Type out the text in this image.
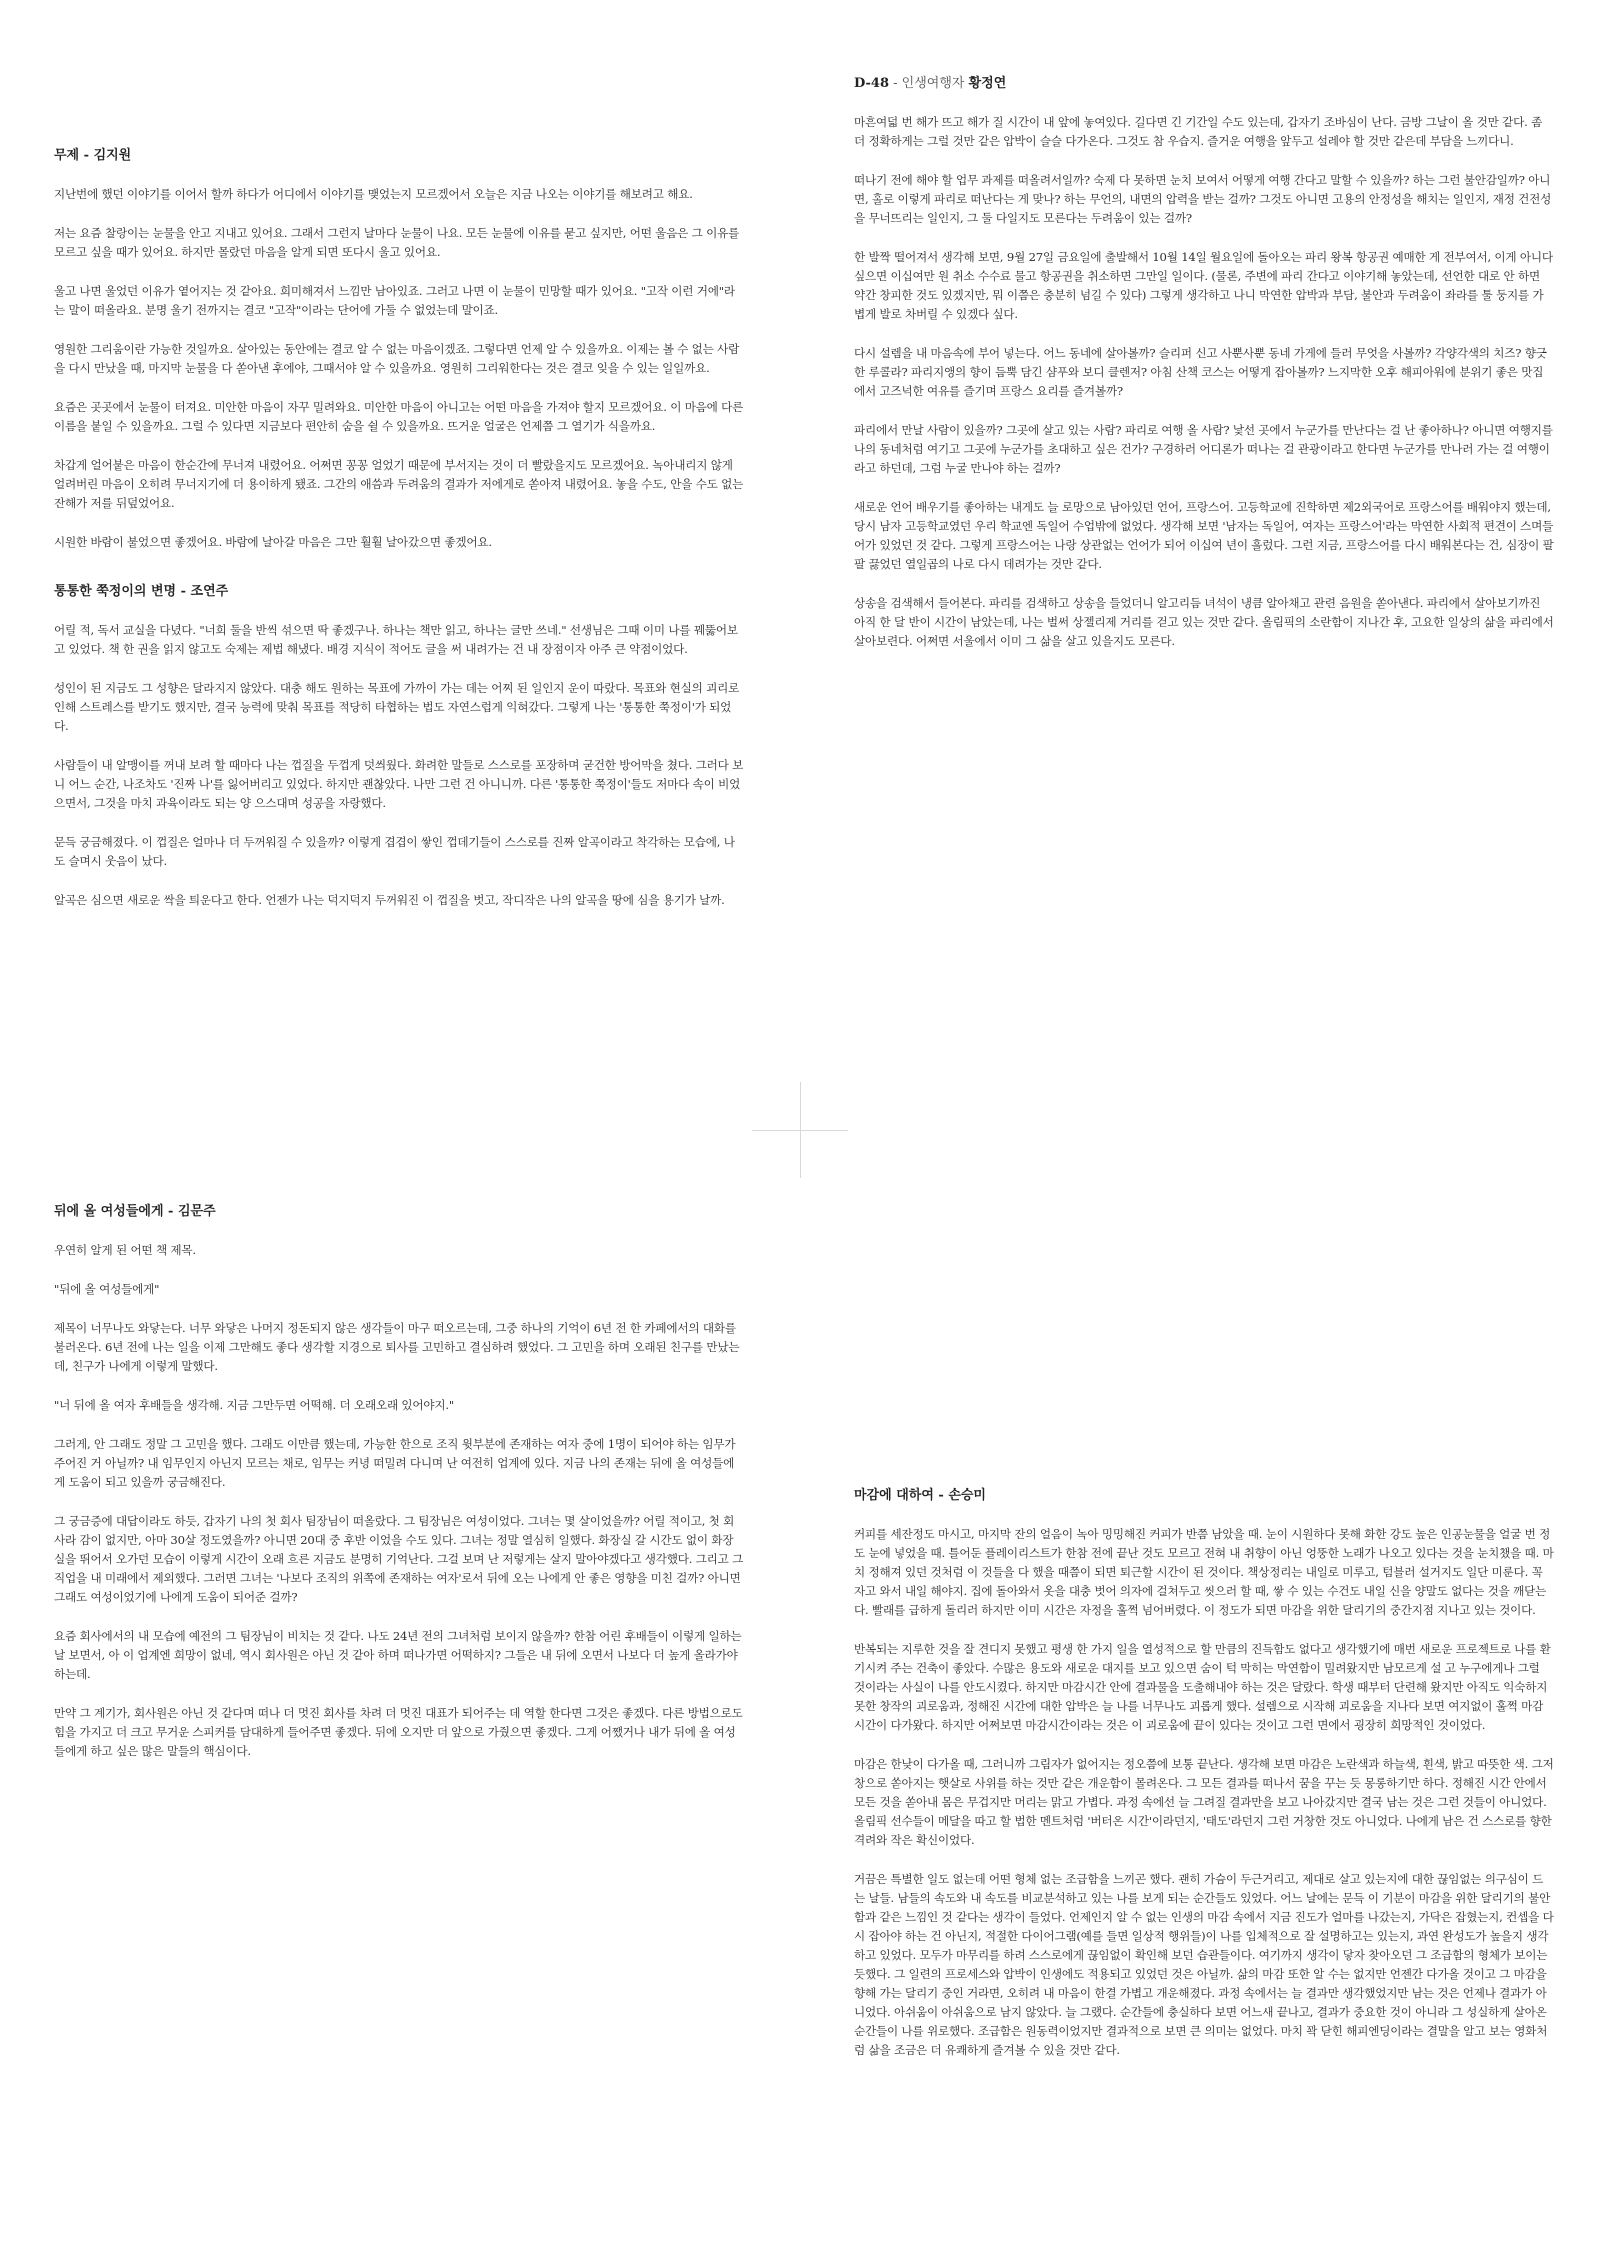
무제 - 김지원

지난번에 했던 이야기를 이어서 할까 하다가 어디에서 이야기를 맺었는지 모르겠어서 오늘은 지금 나오는 이야기를 해보려고 해요.

저는 요즘 찰랑이는 눈물을 안고 지내고 있어요. 그래서 그런지 날마다 눈물이 나요. 모든 눈물에 이유를 묻고 싶지만, 어떤 울음은 그 이유를 모르고 싶을 때가 있어요. 하지만 몰랐던 마음을 알게 되면 또다시 울고 있어요.

울고 나면 울었던 이유가 옅어지는 것 같아요. 희미해져서 느낌만 남아있죠. 그러고 나면 이 눈물이 민망할 때가 있어요. "고작 이런 거에"라는 말이 떠올라요. 분명 울기 전까지는 결코 "고작"이라는 단어에 가둘 수 없었는데 말이죠.

영원한 그리움이란 가능한 것일까요. 살아있는 동안에는 결코 알 수 없는 마음이겠죠. 그렇다면 언제 알 수 있을까요. 이제는 볼 수 없는 사람을 다시 만났을 때, 마지막 눈물을 다 쏟아낸 후에야, 그때서야 알 수 있을까요. 영원히 그리워한다는 것은 결코 잊을 수 있는 일일까요.

요즘은 곳곳에서 눈물이 터져요. 미안한 마음이 자꾸 밀려와요. 미안한 마음이 아니고는 어떤 마음을 가져야 할지 모르겠어요. 이 마음에 다른 이름을 붙일 수 있을까요. 그럴 수 있다면 지금보다 편안히 숨을 쉴 수 있을까요. 뜨거운 얼굴은 언제쯤 그 열기가 식을까요.

차갑게 얼어붙은 마음이 한순간에 무너져 내렸어요. 어쩌면 꽁꽁 얼었기 때문에 부서지는 것이 더 빨랐을지도 모르겠어요. 녹아내리지 않게 얼려버린 마음이 오히려 무너지기에 더 용이하게 됐죠. 그간의 애씀과 두려움의 결과가 저에게로 쏟아져 내렸어요. 놓을 수도, 안을 수도 없는 잔해가 저를 뒤덮었어요.

시원한 바람이 불었으면 좋겠어요. 바람에 날아갈 마음은 그만 훨훨 날아갔으면 좋겠어요.

통통한 쭉정이의 변명 - 조연주

어릴 적, 독서 교실을 다녔다. "너희 둘을 반씩 섞으면 딱 좋겠구나. 하나는 책만 읽고, 하나는 글만 쓰네." 선생님은 그때 이미 나를 꿰뚫어보고 있었다. 책 한 권을 읽지 않고도 숙제는 제법 해냈다. 배경 지식이 적어도 글을 써 내려가는 건 내 장점이자 아주 큰 약점이었다.

성인이 된 지금도 그 성향은 달라지지 않았다. 대충 해도 원하는 목표에 가까이 가는 데는 어찌 된 일인지 운이 따랐다. 목표와 현실의 괴리로 인해 스트레스를 받기도 했지만, 결국 능력에 맞춰 목표를 적당히 타협하는 법도 자연스럽게 익혀갔다. 그렇게 나는 '통통한 쭉정이'가 되었다.

사람들이 내 알맹이를 꺼내 보려 할 때마다 나는 껍질을 두껍게 덧씌웠다. 화려한 말들로 스스로를 포장하며 굳건한 방어막을 쳤다. 그러다 보니 어느 순간, 나조차도 '진짜 나'를 잃어버리고 있었다. 하지만 괜찮았다. 나만 그런 건 아니니까. 다른 '통통한 쭉정이'들도 저마다 속이 비었으면서, 그것을 마치 과육이라도 되는 양 으스대며 성공을 자랑했다.

문득 궁금해졌다. 이 껍질은 얼마나 더 두꺼워질 수 있을까? 이렇게 겹겹이 쌓인 껍데기들이 스스로를 진짜 알곡이라고 착각하는 모습에, 나도 슬며시 웃음이 났다.

알곡은 심으면 새로운 싹을 틔운다고 한다. 언젠가 나는 덕지덕지 두꺼워진 이 껍질을 벗고, 작디작은 나의 알곡을 땅에 심을 용기가 날까.

D-48 - 인생여행자 황정연

마흔여덟 번 해가 뜨고 해가 질 시간이 내 앞에 놓여있다. 길다면 긴 기간일 수도 있는데, 갑자기 조바심이 난다. 금방 그날이 올 것만 같다. 좀 더 정확하게는 그럴 것만 같은 압박이 슬슬 다가온다. 그것도 참 우습지. 즐거운 여행을 앞두고 설레야 할 것만 같은데 부담을 느끼다니.

떠나기 전에 해야 할 업무 과제를 떠올려서일까? 숙제 다 못하면 눈치 보여서 어떻게 여행 간다고 말할 수 있을까? 하는 그런 불안감일까? 아니면, 홀로 이렇게 파리로 떠난다는 게 맞나? 하는 무언의, 내면의 압력을 받는 걸까? 그것도 아니면 고용의 안정성을 해치는 일인지, 재정 건전성을 무너뜨리는 일인지, 그 둘 다일지도 모른다는 두려움이 있는 걸까?

한 발짝 떨어져서 생각해 보면, 9월 27일 금요일에 출발해서 10월 14일 월요일에 돌아오는 파리 왕복 항공권 예매한 게 전부여서, 이게 아니다 싶으면 이십여만 원 취소 수수료 물고 항공권을 취소하면 그만일 일이다. (물론, 주변에 파리 간다고 이야기해 놓았는데, 선언한 대로 안 하면 약간 창피한 것도 있겠지만, 뭐 이쯤은 충분히 넘길 수 있다) 그렇게 생각하고 나니 막연한 압박과 부담, 불안과 두려움이 좌라를 툴 둥지를 가볍게 발로 차버릴 수 있겠다 싶다.

다시 설렘을 내 마음속에 부어 넣는다. 어느 동네에 살아볼까? 슬리퍼 신고 사뿐사뿐 동네 가게에 들러 무엇을 사볼까? 각양각색의 치즈? 향긋한 루콜라? 파리지앵의 향이 듬뿍 담긴 샴푸와 보디 클렌저? 아침 산책 코스는 어떻게 잡아볼까? 느지막한 오후 해피아워에 분위기 좋은 맛집에서 고즈넉한 여유를 즐기며 프랑스 요리를 즐겨볼까?

파리에서 만날 사람이 있을까? 그곳에 살고 있는 사람? 파리로 여행 올 사람? 낯선 곳에서 누군가를 만난다는 걸 난 좋아하나? 아니면 여행지를 나의 동네처럼 여기고 그곳에 누군가를 초대하고 싶은 건가? 구경하러 어디론가 떠나는 걸 관광이라고 한다면 누군가를 만나러 가는 걸 여행이라고 하던데, 그럼 누굴 만나야 하는 걸까?

새로운 언어 배우기를 좋아하는 내게도 늘 로망으로 남아있던 언어, 프랑스어. 고등학교에 진학하면 제2외국어로 프랑스어를 배워야지 했는데, 당시 남자 고등학교였던 우리 학교엔 독일어 수업밖에 없었다. 생각해 보면 '남자는 독일어, 여자는 프랑스어'라는 막연한 사회적 편견이 스며들어가 있었던 것 같다. 그렇게 프랑스어는 나랑 상관없는 언어가 되어 이십여 년이 흘렀다. 그런 지금, 프랑스어를 다시 배워본다는 건, 심장이 팔팔 끓었던 열일곱의 나로 다시 데려가는 것만 같다.

상송을 검색해서 들어본다. 파리를 검색하고 상송을 들었더니 알고리듬 녀석이 냉큼 알아채고 관련 음원을 쏟아낸다. 파리에서 살아보기까진 아직 한 달 반이 시간이 남았는데, 나는 벌써 상젤리제 거리를 걷고 있는 것만 같다. 올림픽의 소란함이 지나간 후, 고요한 일상의 삶을 파리에서 살아보련다. 어쩌면 서울에서 이미 그 삶을 살고 있을지도 모른다.

뒤에 올 여성들에게 - 김문주

우연히 알게 된 어떤 책 제목.

"뒤에 올 여성들에게"

제목이 너무나도 와닿는다. 너무 와닿은 나머지 정돈되지 않은 생각들이 마구 떠오르는데, 그중 하나의 기억이 6년 전 한 카페에서의 대화를 불러온다. 6년 전에 나는 일을 이제 그만해도 좋다 생각할 지경으로 퇴사를 고민하고 결심하려 했었다. 그 고민을 하며 오래된 친구를 만났는데, 친구가 나에게 이렇게 말했다.

"너 뒤에 올 여자 후배들을 생각해. 지금 그만두면 어떡해. 더 오래오래 있어야지."

그러게, 안 그래도 정말 그 고민을 했다. 그래도 이만큼 했는데, 가능한 한으로 조직 윗부분에 존재하는 여자 중에 1명이 되어야 하는 임무가 주어진 거 아닐까? 내 임무인지 아닌지 모르는 채로, 임무는 커녕 떠밀려 다니며 난 여전히 업계에 있다. 지금 나의 존재는 뒤에 올 여성들에게 도움이 되고 있을까 궁금해진다.

그 궁금증에 대답이라도 하듯, 갑자기 나의 첫 회사 팀장님이 떠올랐다. 그 팀장님은 여성이었다. 그녀는 몇 살이었을까? 어릴 적이고, 첫 회사라 감이 없지만, 아마 30살 정도였을까? 아니면 20대 중 후반 이었을 수도 있다. 그녀는 정말 열심히 일했다. 화장실 갈 시간도 없이 화장실을 뛰어서 오가던 모습이 이렇게 시간이 오래 흐른 지금도 분명히 기억난다. 그걸 보며 난 저렇게는 살지 말아야겠다고 생각했다. 그리고 그 직업을 내 미래에서 제외했다. 그러면 그녀는 '나보다 조직의 위쪽에 존재하는 여자'로서 뒤에 오는 나에게 안 좋은 영향을 미친 걸까? 아니면 그래도 여성이었기에 나에게 도움이 되어준 걸까?

요즘 회사에서의 내 모습에 예전의 그 팀장님이 비치는 것 같다. 나도 24년 전의 그녀처럼 보이지 않을까? 한참 어린 후배들이 이렇게 일하는 날 보면서, 아 이 업계엔 희망이 없네, 역시 회사원은 아닌 것 같아 하며 떠나가면 어떡하지? 그들은 내 뒤에 오면서 나보다 더 높게 올라가야 하는데.

만약 그 계기가, 회사원은 아닌 것 같다며 떠나 더 멋진 회사를 차려 더 멋진 대표가 되어주는 데 역할 한다면 그것은 좋겠다. 다른 방법으로도 힘을 가지고 더 크고 무거운 스피커를 담대하게 들어주면 좋겠다. 뒤에 오지만 더 앞으로 가줬으면 좋겠다. 그게 어쨌거나 내가 뒤에 올 여성들에게 하고 싶은 많은 말들의 핵심이다.

마감에 대하여 - 손승미

커피를 세잔정도 마시고, 마지막 잔의 얼음이 녹아 밍밍해진 커피가 반쯤 남았을 때. 눈이 시원하다 못해 화한 강도 높은 인공눈물을 얼굴 번 정도 눈에 넣었을 때. 틀어둔 플레이리스트가 한참 전에 끝난 것도 모르고 전혀 내 취향이 아닌 엉뚱한 노래가 나오고 있다는 것을 눈치챘을 때. 마치 정해져 있던 것처럼 이 것들을 다 했을 때쯤이 되면 퇴근할 시간이 된 것이다. 책상정리는 내일로 미루고, 텀블러 설거지도 일단 미룬다. 꼭 자고 와서 내일 해야지. 집에 돌아와서 옷을 대충 벗어 의자에 걸쳐두고 씻으러 할 때, 쌓 수 있는 수건도 내일 신을 양말도 없다는 것을 깨닫는다. 빨래를 급하게 돌리러 하지만 이미 시간은 자정을 훌쩍 넘어버렸다. 이 정도가 되면 마감을 위한 달리기의 중간지점 지나고 있는 것이다.

반복되는 지루한 것을 잘 견디지 못했고 평생 한 가지 일을 열성적으로 할 만큼의 진득함도 없다고 생각했기에 매번 새로운 프로젝트로 나를 환기시켜 주는 건축이 좋았다. 수많은 용도와 새로운 대지를 보고 있으면 숨이 턱 막히는 막연함이 밀려왔지만 남모르게 설 고 누구에게나 그럴 것이라는 사실이 나를 안도시켰다. 하지만 마감시간 안에 결과물을 도출해내야 하는 것은 달랐다. 학생 때부터 단련해 왔지만 아직도 익숙하지 못한 창작의 괴로움과, 정해진 시간에 대한 압박은 늘 나를 너무나도 괴롭게 했다. 설렘으로 시작해 괴로움을 지나다 보면 여지없이 훌쩍 마감시간이 다가왔다. 하지만 어쩌보면 마감시간이라는 것은 이 괴로움에 끝이 있다는 것이고 그런 면에서 굉장히 희망적인 것이었다.

마감은 한낮이 다가올 때, 그러니까 그림자가 없어지는 정오쯤에 보통 끝난다. 생각해 보면 마감은 노란색과 하늘색, 흰색, 밝고 따뜻한 색. 그저 창으로 쏟아지는 햇살로 사위를 하는 것만 같은 개운함이 몰려온다. 그 모든 결과를 떠나서 꿈을 꾸는 듯 몽롱하기만 하다. 정해진 시간 안에서 모든 것을 쏟아내 몸은 무겁지만 머리는 맑고 가볍다. 과정 속에선 늘 그려질 결과만을 보고 나아갔지만 결국 남는 것은 그런 것들이 아니었다. 올림픽 선수들이 메달을 따고 할 법한 멘트처럼 '버터온 시간'이라던지, '태도'라던지 그런 거창한 것도 아니었다. 나에게 남은 건 스스로를 향한 격려와 작은 확신이었다.

거끔은 특별한 일도 없는데 어떤 형체 없는 조급함을 느끼곤 했다. 괜히 가슴이 두근거리고, 제대로 살고 있는지에 대한 끊임없는 의구심이 드는 날들. 남들의 속도와 내 속도를 비교분석하고 있는 나를 보게 되는 순간들도 있었다. 어느 날에는 문득 이 기분이 마감을 위한 달리기의 불안함과 같은 느낌인 것 같다는 생각이 들었다. 언제인지 알 수 없는 인생의 마감 속에서 지금 진도가 얼마를 나갔는지, 가닥은 잡혔는지, 컨셉을 다시 잡아야 하는 건 아닌지, 적절한 다이어그램(예를 들면 일상적 행위들)이 나를 입체적으로 잘 설명하고는 있는지, 과연 완성도가 높을지 생각하고 있었다. 모두가 마무리를 하려 스스로에게 끊임없이 확인해 보던 습관들이다. 여기까지 생각이 닿자 찾아오던 그 조급함의 형체가 보이는 듯했다. 그 일련의 프로세스와 압박이 인생에도 적용되고 있었던 것은 아닐까. 삶의 마감 또한 알 수는 없지만 언젠간 다가올 것이고 그 마감을 향해 가는 달리기 중인 거라면, 오히려 내 마음이 한결 가볍고 개운해졌다. 과정 속에서는 늘 결과만 생각했었지만 남는 것은 언제나 결과가 아니었다. 아쉬움이 아쉬움으로 남지 않았다. 늘 그랬다. 순간들에 충실하다 보면 어느새 끝나고, 결과가 중요한 것이 아니라 그 성실하게 살아온 순간들이 나를 위로했다. 조급함은 원동력이었지만 결과적으로 보면 큰 의미는 없었다. 마치 꽉 닫힌 해피엔딩이라는 결말을 알고 보는 영화처럼 삶을 조금은 더 유쾌하게 즐겨볼 수 있을 것만 같다.
